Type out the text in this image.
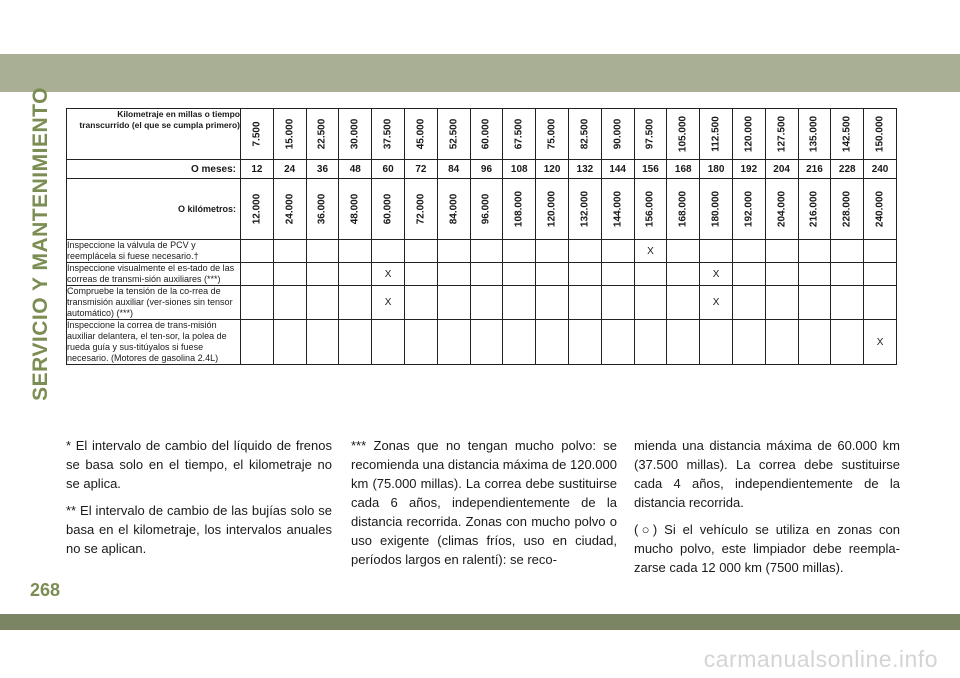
SERVICIO Y MANTENIMIENTO	Kilometraje en millas o tiempo transcurrido (el que se cumpla primero)	7.500	15.000	22.500	30.000	37.500	45.000	52.500	60.000	67.500	75.000	82.500	90.000	97.500	105.000	112.500	120.000	127.500	135.000	142.500	150.000

O meses:	12	24	36	48	60	72	84	96	108	120	132	144	156	168	180	192	204	216	228	240
O kilómetros:	12.000	24.000	36.000	48.000	60.000	72.000	84.000	96.000	108.000	120.000	132.000	144.000	156.000	168.000	180.000	192.000	204.000	216.000	228.000	240.000

Inspeccione la válvula de PCV y reemplácela si fuese necesario.†													X							
Inspeccione visualmente el es-tado de las correas de transmi-sión auxiliares (***)					X										X					
Compruebe la tensión de la co-rrea de transmisión auxiliar (ver-siones sin tensor automático) (***)					X										X					
Inspeccione la correa de trans-misión auxiliar delantera, el ten-sor, la polea de rueda guía y sus-titúyalos si fuese necesario. (Motores de gasolina 2.4L)																				X

* El intervalo de cambio del líquido de frenos se basa solo en el tiempo, el kilometraje no se aplica.

** El intervalo de cambio de las bujías solo se basa en el kilometraje, los intervalos anuales no se aplican.

*** Zonas que no tengan mucho polvo: se recomienda una distancia máxima de 120.000 km (75.000 millas). La correa debe sustituirse cada 6 años, independientemente de la distancia recorrida. Zonas con mucho polvo o uso exigente (climas fríos, uso en ciudad, períodos largos en ralentí): se reco-

mienda una distancia máxima de 60.000 km (37.500 millas). La correa debe sustituirse cada 4 años, independientemente de la distancia recorrida.

(○) Si el vehículo se utiliza en zonas con mucho polvo, este limpiador debe reempla-zarse cada 12 000 km (7500 millas).

268
carmanualsonline.info
